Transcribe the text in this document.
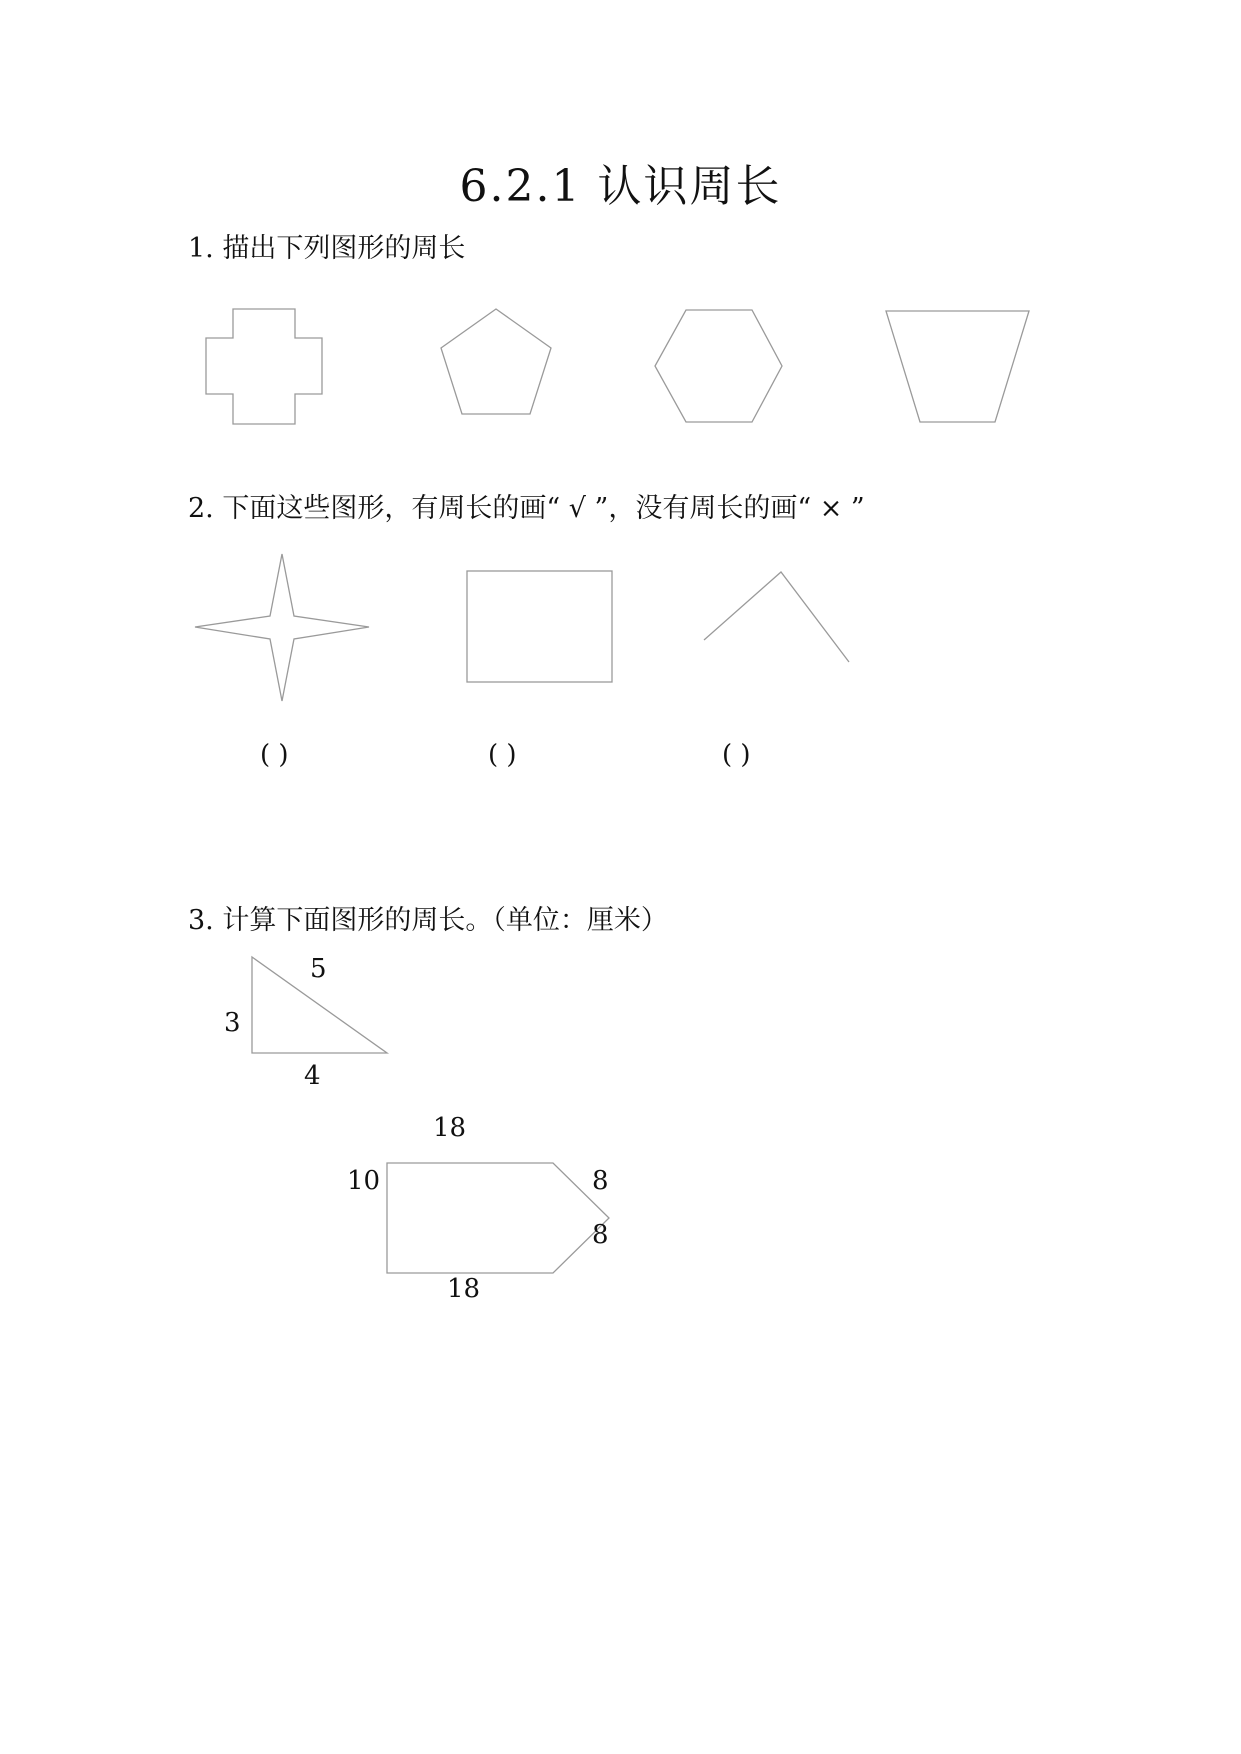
6.2.1 认识周长
1. 描出下列图形的周长
2. 下面这些图形，有周长的画“ √ ”，没有周长的画“ × ”
( )	( )	( )
3. 计算下面图形的周长。（单位：厘米）
5
3
4
18
10	8
8
18
